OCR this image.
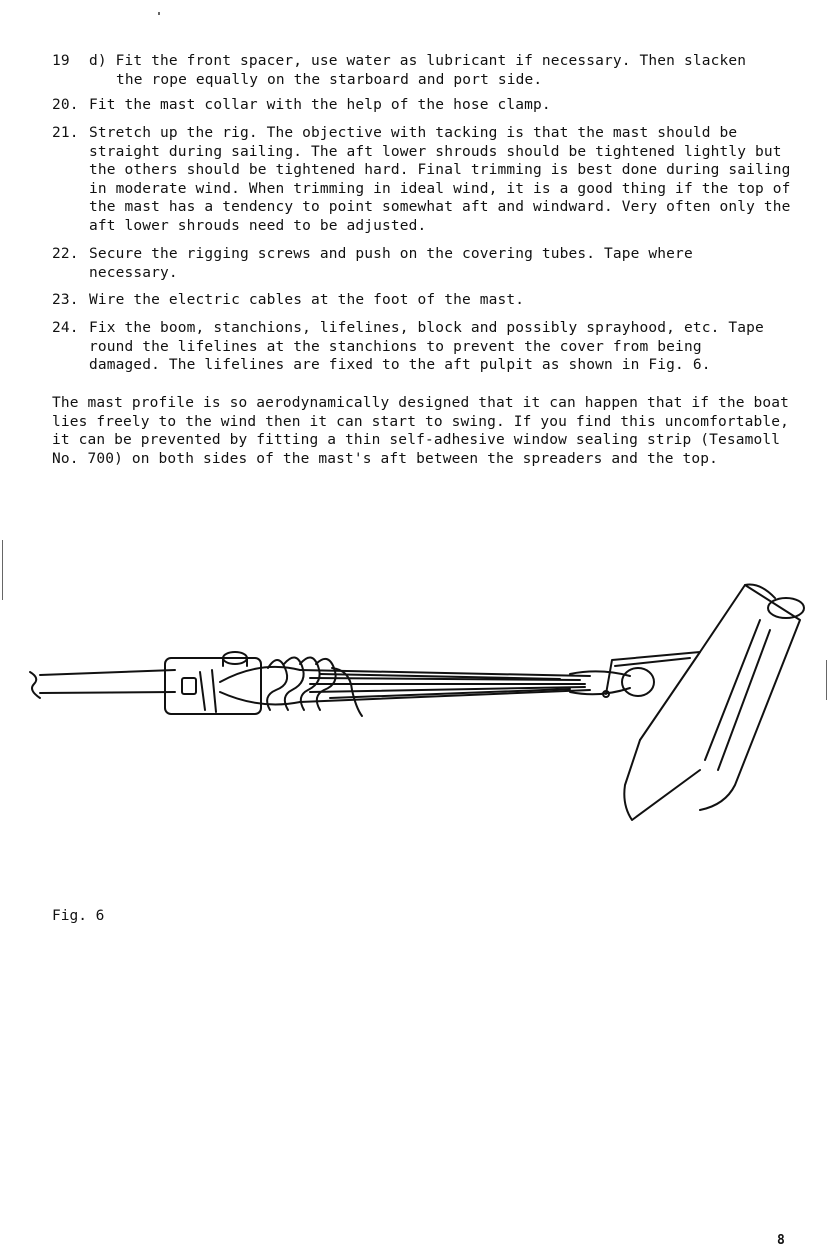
19 d) Fit the front spacer, use water as lubricant if necessary. Then slacken
the rope equally on the starboard and port side.
20. Fit the mast collar with the help of the hose clamp.
21. Stretch up the rig. The objective with tacking is that the mast should be straight during sailing. The aft lower shrouds should be tightened lightly but the others should be tightened hard. Final trimming is best done during sailing in moderate wind. When trimming in ideal wind, it is a good thing if the top of the mast has a tendency to point somewhat aft and windward. Very often only the aft lower shrouds need to be adjusted.
22. Secure the rigging screws and push on the covering tubes. Tape where necessary.
23. Wire the electric cables at the foot of the mast.
24. Fix the boom, stanchions, lifelines, block and possibly sprayhood, etc. Tape round the lifelines at the stanchions to prevent the cover from being damaged. The lifelines are fixed to the aft pulpit as shown in Fig. 6.
The mast profile is so aerodynamically designed that it can happen that if the boat lies freely to the wind then it can start to swing. If you find this uncomfortable, it can be prevented by fitting a thin self-adhesive window sealing strip (Tesamoll No. 700) on both sides of the mast's aft between the spreaders and the top.
Fig. 6
8
